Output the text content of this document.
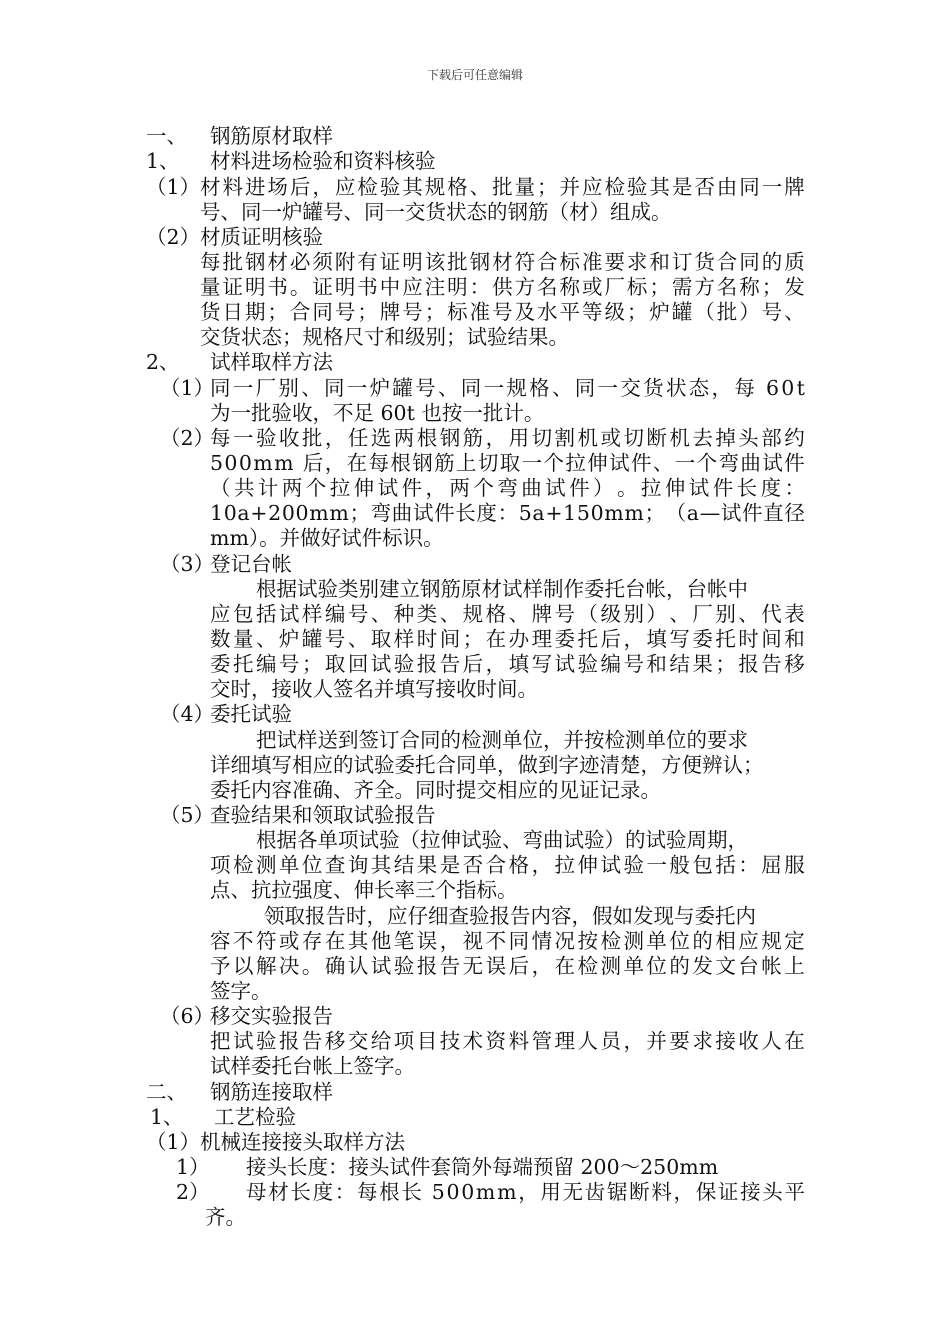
下载后可任意编辑
一、 钢筋原材取样
1、 材料进场检验和资料核验
（1） 材 料 进 场 后 ， 应 检 验 其 规 格 、 批 量 ； 并 应 检 验 其 是 否 由 同 一 牌
号、同一炉罐号、同一交货状态的钢筋（材）组成。
（2） 材质证明核验
每 批 钢 材 必 须 附 有 证 明 该 批 钢 材 符 合 标 准 要 求 和 订 货 合 同 的 质
量 证 明 书 。 证 明 书 中 应 注 明 ： 供 方 名 称 或 厂 标 ； 需 方 名 称 ； 发
货 日 期 ； 合 同 号 ； 牌 号 ； 标 准 号 及 水 平 等 级 ； 炉 罐 （ 批 ） 号 、
交货状态；规格尺寸和级别；试验结果。
2、 试样取样方法
（1）
同 一 厂 别 、 同 一 炉 罐 号 、 同 一 规 格 、 同 一 交 货 状 态 ， 每
6 0 t
为一批验收，不足 60t 也按一批计。
（2）
每 一 验 收 批 ， 任 选 两 根 钢 筋 ， 用 切 割 机 或 切 断 机 去 掉 头 部 约
5 0 0 m m
后 ， 在 每 根 钢 筋 上 切 取 一 个 拉 伸 试 件 、 一 个 弯 曲 试 件
（ 共 计 两 个 拉 伸 试 件 ， 两 个 弯 曲 试 件 ） 。 拉 伸 试 件 长 度 ：
1 0 a + 2 0 0 m m ； 弯 曲 试 件 长 度 ： 5 a + 1 5 0 m m ； （ a — 试 件 直 径
mm）。并做好试件标识。
（3）
登记台帐
根据试验类别建立钢筋原材试样制作委托台帐，台帐中
应 包 括 试 样 编 号 、 种 类 、 规 格 、 牌 号 （ 级 别 ） 、 厂 别 、 代 表
数 量 、 炉 罐 号 、 取 样 时 间 ； 在 办 理 委 托 后 ， 填 写 委 托 时 间 和
委 托 编 号 ； 取 回 试 验 报 告 后 ， 填 写 试 验 编 号 和 结 果 ； 报 告 移
交时，接收人签名并填写接收时间。
（4）
委托试验
把试样送到签订合同的检测单位，并按检测单位的要求
详细填写相应的试验委托合同单，做到字迹清楚，方便辨认；
委托内容准确、齐全。同时提交相应的见证记录。
（5）
查验结果和领取试验报告
根据各单项试验（拉伸试验、弯曲试验）的试验周期，
项 检 测 单 位 查 询 其 结 果 是 否 合 格 ， 拉 伸 试 验 一 般 包 括 ： 屈 服
点、抗拉强度、伸长率三个指标。
领取报告时，应仔细查验报告内容，假如发现与委托内
容 不 符 或 存 在 其 他 笔 误 ， 视 不 同 情 况 按 检 测 单 位 的 相 应 规 定
予 以 解 决 。 确 认 试 验 报 告 无 误 后 ， 在 检 测 单 位 的 发 文 台 帐 上
签字。
（6）
移交实验报告
把 试 验 报 告 移 交 给 项 目 技 术 资 料 管 理 人 员 ， 并 要 求 接 收 人 在
试样委托台帐上签字。
二、 钢筋连接取样
1、 工艺检验
（1） 机械连接接头取样方法
1） 接头长度：接头试件套筒外每端预留 200～250mm
2） 母 材 长 度 ： 每 根 长
5 0 0 m m ， 用 无 齿 锯 断 料 ， 保 证 接 头 平
齐。
